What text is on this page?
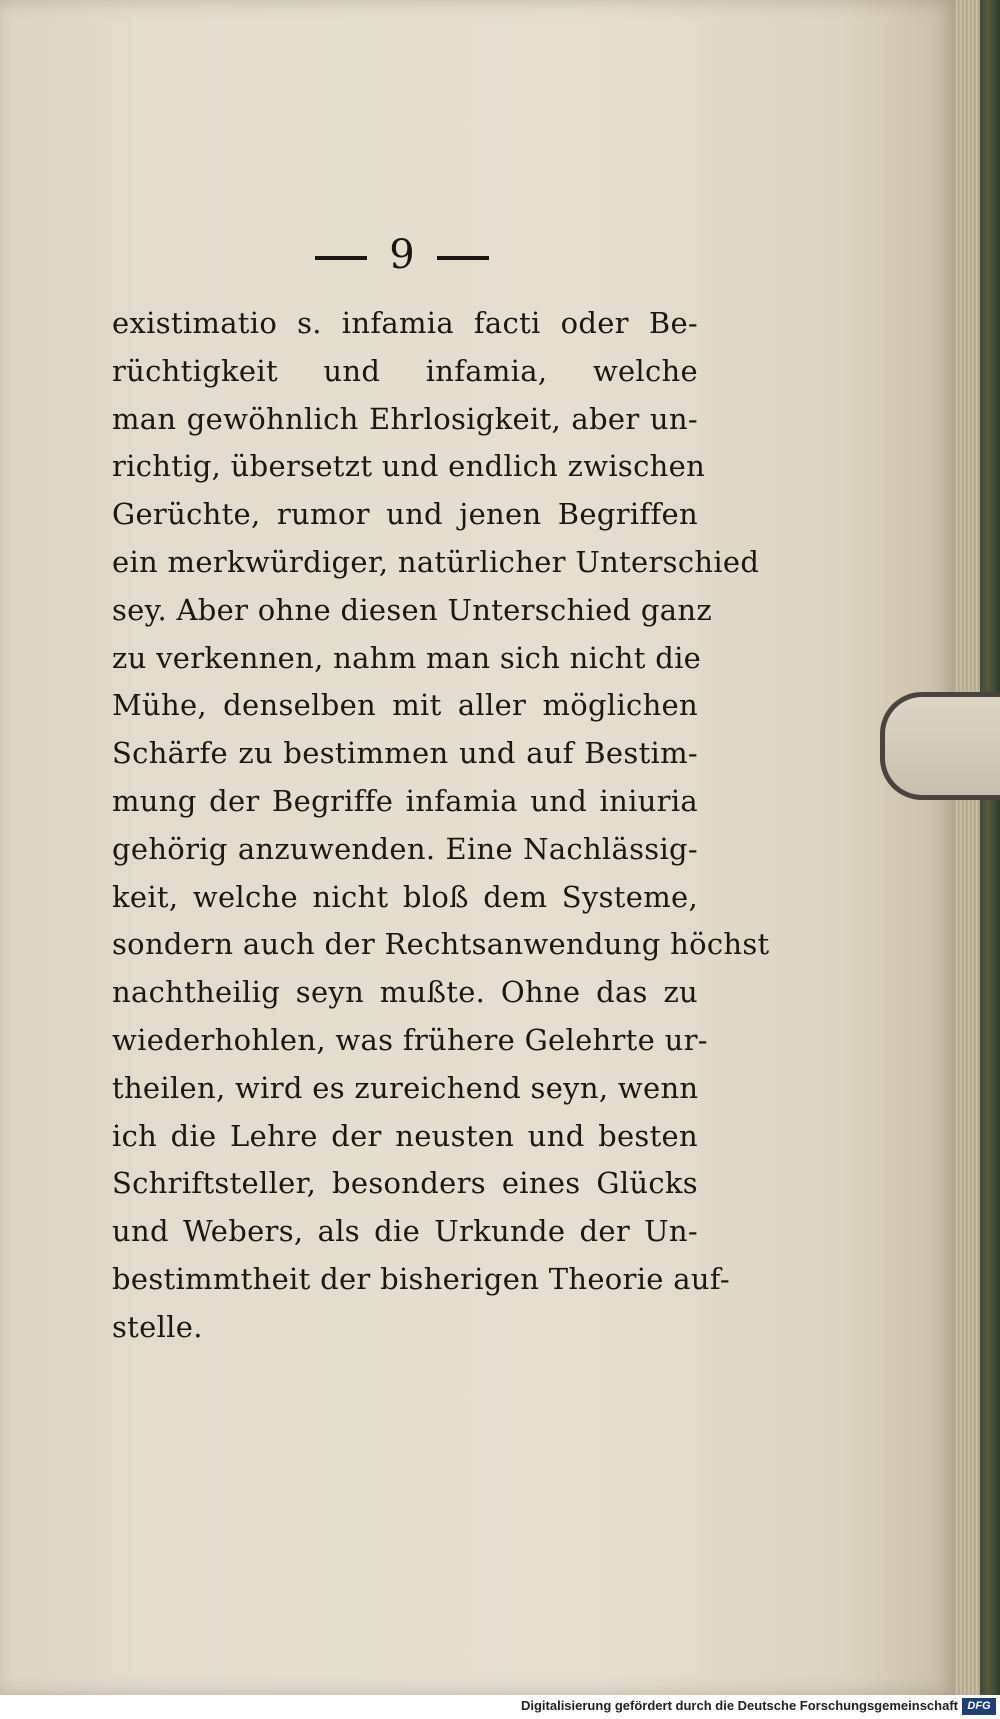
9
existimatio s. infamia facti oder Be-
rüchtigkeit und infamia, welche
man gewöhnlich Ehrlosigkeit, aber un-
richtig, übersetzt und endlich zwischen
Gerüchte, rumor und jenen Begriffen
ein merkwürdiger, natürlicher Unterschied
sey. Aber ohne diesen Unterschied ganz
zu verkennen, nahm man sich nicht die
Mühe, denselben mit aller möglichen
Schärfe zu bestimmen und auf Bestim-
mung der Begriffe infamia und iniuria
gehörig anzuwenden. Eine Nachlässig-
keit, welche nicht bloß dem Systeme,
sondern auch der Rechtsanwendung höchst
nachtheilig seyn mußte. Ohne das zu
wiederhohlen, was frühere Gelehrte ur-
theilen, wird es zureichend seyn, wenn
ich die Lehre der neusten und besten
Schriftsteller, besonders eines Glücks
und Webers, als die Urkunde der Un-
bestimmtheit der bisherigen Theorie auf-
stelle.
Digitalisierung gefördert durch die Deutsche Forschungsgemeinschaft DFG
